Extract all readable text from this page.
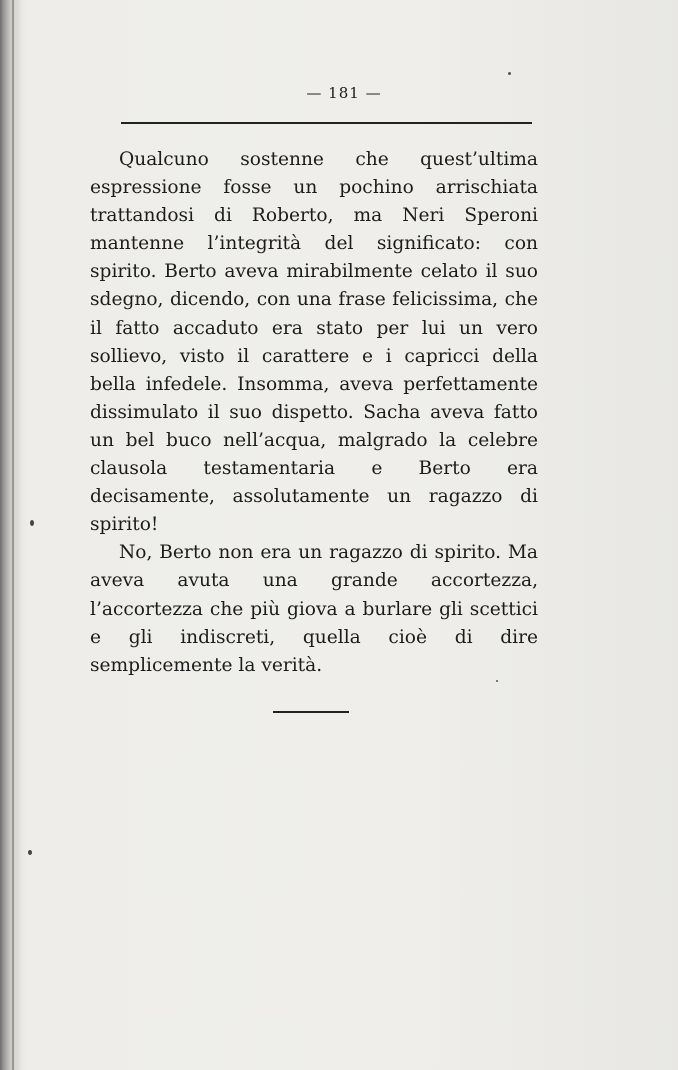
— 181 —

Qualcuno sostenne che quest’ultima espressione fosse un pochino arrischiata trattandosi di Roberto, ma Neri Speroni mantenne l’integrità del significato: con spirito. Berto aveva mirabilmente celato il suo sdegno, dicendo, con una frase felicissima, che il fatto accaduto era stato per lui un vero sollievo, visto il carattere e i capricci della bella infedele. Insomma, aveva perfettamente dissimulato il suo dispetto. Sacha aveva fatto un bel buco nell’acqua, malgrado la celebre clausola testamentaria e Berto era decisamente, assolutamente un ragazzo di spirito!

No, Berto non era un ragazzo di spirito. Ma aveva avuta una grande accortezza, l’accortezza che più giova a burlare gli scettici e gli indiscreti, quella cioè di dire semplicemente la verità.
